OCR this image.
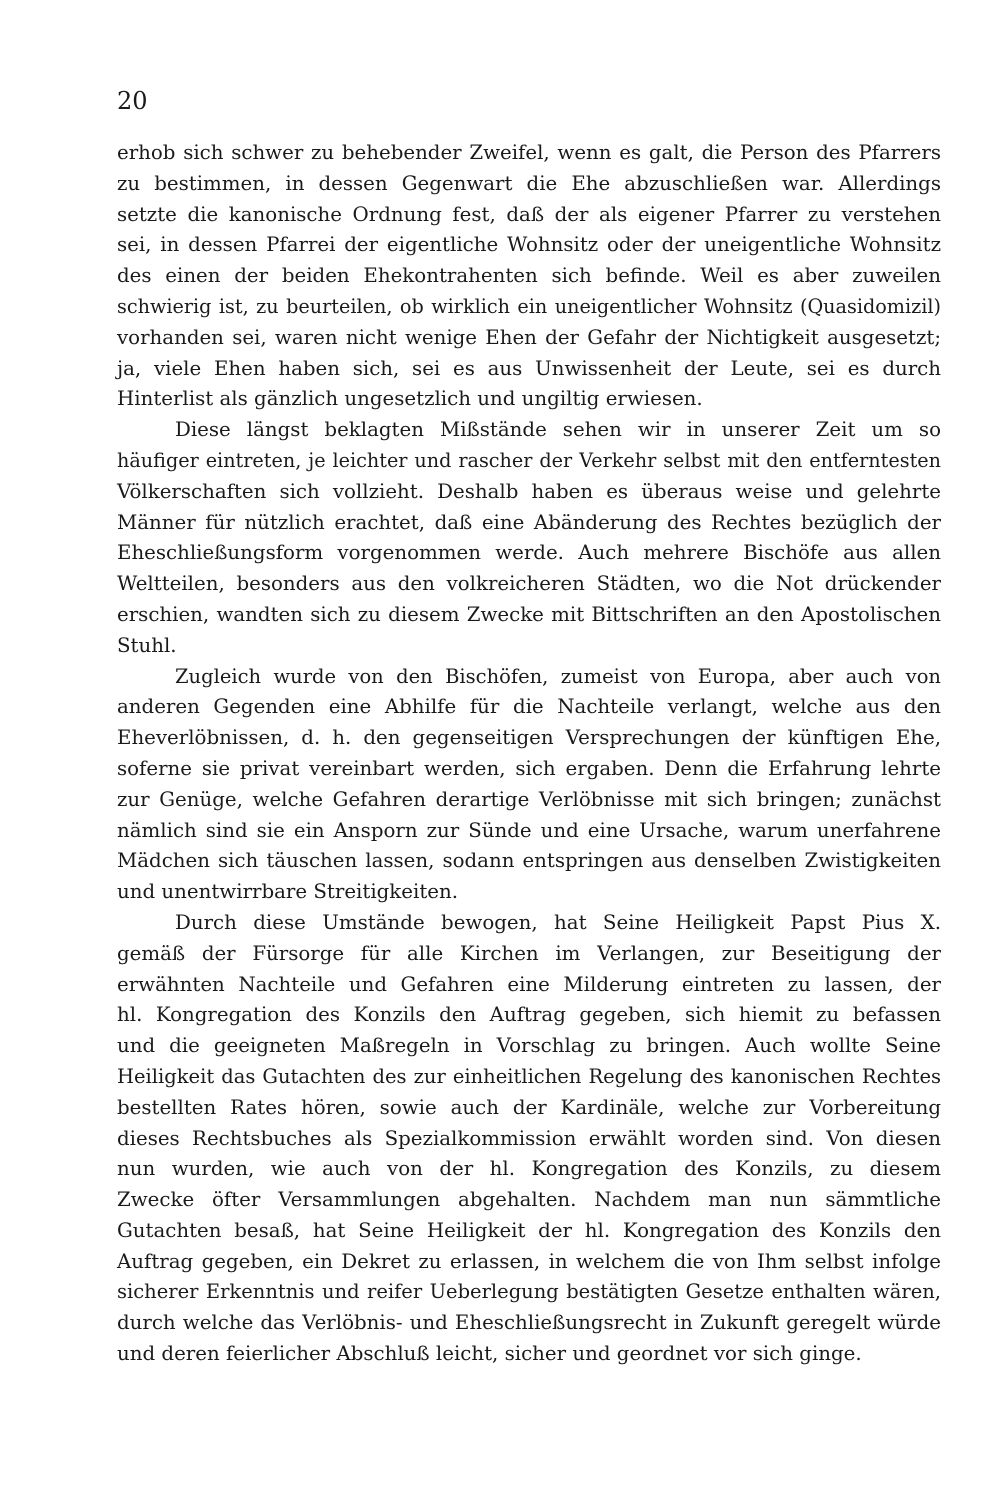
20
erhob sich schwer zu behebender Zweifel, wenn es galt, die Person des Pfarrers
zu bestimmen, in dessen Gegenwart die Ehe abzuschließen war. Allerdings
setzte die kanonische Ordnung fest, daß der als eigener Pfarrer zu verstehen
sei, in dessen Pfarrei der eigentliche Wohnsitz oder der uneigentliche Wohnsitz
des einen der beiden Ehekontrahenten sich befinde. Weil es aber zuweilen
schwierig ist, zu beurteilen, ob wirklich ein uneigentlicher Wohnsitz (Quasidomizil)
vorhanden sei, waren nicht wenige Ehen der Gefahr der Nichtigkeit ausgesetzt;
ja, viele Ehen haben sich, sei es aus Unwissenheit der Leute, sei es durch
Hinterlist als gänzlich ungesetzlich und ungiltig erwiesen.
Diese längst beklagten Mißstände sehen wir in unserer Zeit um so
häufiger eintreten, je leichter und rascher der Verkehr selbst mit den entferntesten
Völkerschaften sich vollzieht. Deshalb haben es überaus weise und gelehrte
Männer für nützlich erachtet, daß eine Abänderung des Rechtes bezüglich der
Eheschließungsform vorgenommen werde. Auch mehrere Bischöfe aus allen
Weltteilen, besonders aus den volkreicheren Städten, wo die Not drückender
erschien, wandten sich zu diesem Zwecke mit Bittschriften an den Apostolischen
Stuhl.
Zugleich wurde von den Bischöfen, zumeist von Europa, aber auch von
anderen Gegenden eine Abhilfe für die Nachteile verlangt, welche aus den
Eheverlöbnissen, d. h. den gegenseitigen Versprechungen der künftigen Ehe,
soferne sie privat vereinbart werden, sich ergaben. Denn die Erfahrung lehrte
zur Genüge, welche Gefahren derartige Verlöbnisse mit sich bringen; zunächst
nämlich sind sie ein Ansporn zur Sünde und eine Ursache, warum unerfahrene
Mädchen sich täuschen lassen, sodann entspringen aus denselben Zwistigkeiten
und unentwirrbare Streitigkeiten.
Durch diese Umstände bewogen, hat Seine Heiligkeit Papst Pius X.
gemäß der Fürsorge für alle Kirchen im Verlangen, zur Beseitigung der
erwähnten Nachteile und Gefahren eine Milderung eintreten zu lassen, der
hl. Kongregation des Konzils den Auftrag gegeben, sich hiemit zu befassen
und die geeigneten Maßregeln in Vorschlag zu bringen. Auch wollte Seine
Heiligkeit das Gutachten des zur einheitlichen Regelung des kanonischen Rechtes
bestellten Rates hören, sowie auch der Kardinäle, welche zur Vorbereitung
dieses Rechtsbuches als Spezialkommission erwählt worden sind. Von diesen
nun wurden, wie auch von der hl. Kongregation des Konzils, zu diesem
Zwecke öfter Versammlungen abgehalten. Nachdem man nun sämmtliche
Gutachten besaß, hat Seine Heiligkeit der hl. Kongregation des Konzils den
Auftrag gegeben, ein Dekret zu erlassen, in welchem die von Ihm selbst infolge
sicherer Erkenntnis und reifer Ueberlegung bestätigten Gesetze enthalten wären,
durch welche das Verlöbnis- und Eheschließungsrecht in Zukunft geregelt würde
und deren feierlicher Abschluß leicht, sicher und geordnet vor sich ginge.
